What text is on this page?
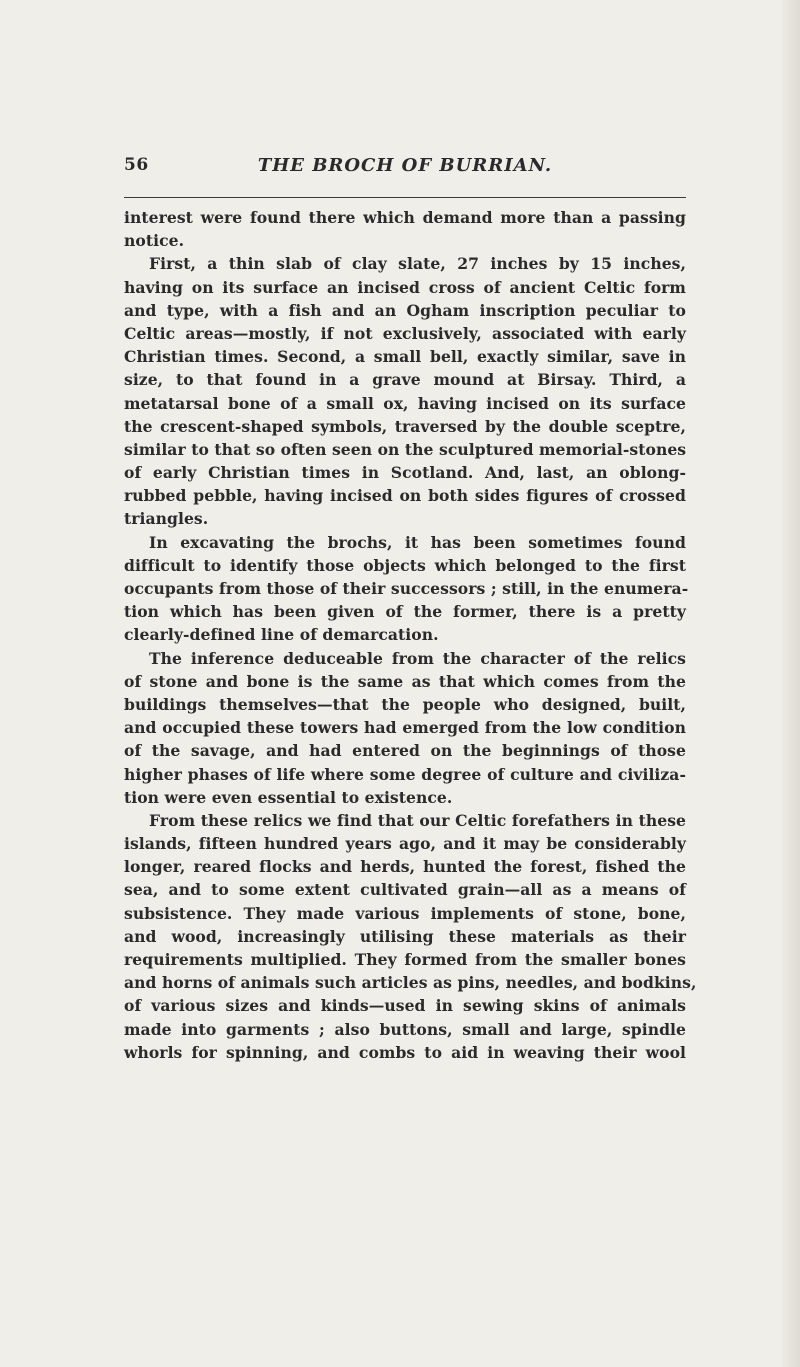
56	THE BROCH OF BURRIAN.
interest were found there which demand more than a passing
notice.
First, a thin slab of clay slate, 27 inches by 15 inches,
having on its surface an incised cross of ancient Celtic form
and type, with a fish and an Ogham inscription peculiar to
Celtic areas—mostly, if not exclusively, associated with early
Christian times. Second, a small bell, exactly similar, save in
size, to that found in a grave mound at Birsay. Third, a
metatarsal bone of a small ox, having incised on its surface
the crescent-shaped symbols, traversed by the double sceptre,
similar to that so often seen on the sculptured memorial-stones
of early Christian times in Scotland. And, last, an oblong-
rubbed pebble, having incised on both sides figures of crossed
triangles.
In excavating the brochs, it has been sometimes found
difficult to identify those objects which belonged to the first
occupants from those of their successors ; still, in the enumera-
tion which has been given of the former, there is a pretty
clearly-defined line of demarcation.
The inference deduceable from the character of the relics
of stone and bone is the same as that which comes from the
buildings themselves—that the people who designed, built,
and occupied these towers had emerged from the low condition
of the savage, and had entered on the beginnings of those
higher phases of life where some degree of culture and civiliza-
tion were even essential to existence.
From these relics we find that our Celtic forefathers in these
islands, fifteen hundred years ago, and it may be considerably
longer, reared flocks and herds, hunted the forest, fished the
sea, and to some extent cultivated grain—all as a means of
subsistence. They made various implements of stone, bone,
and wood, increasingly utilising these materials as their
requirements multiplied. They formed from the smaller bones
and horns of animals such articles as pins, needles, and bodkins,
of various sizes and kinds—used in sewing skins of animals
made into garments ; also buttons, small and large, spindle
whorls for spinning, and combs to aid in weaving their wool
